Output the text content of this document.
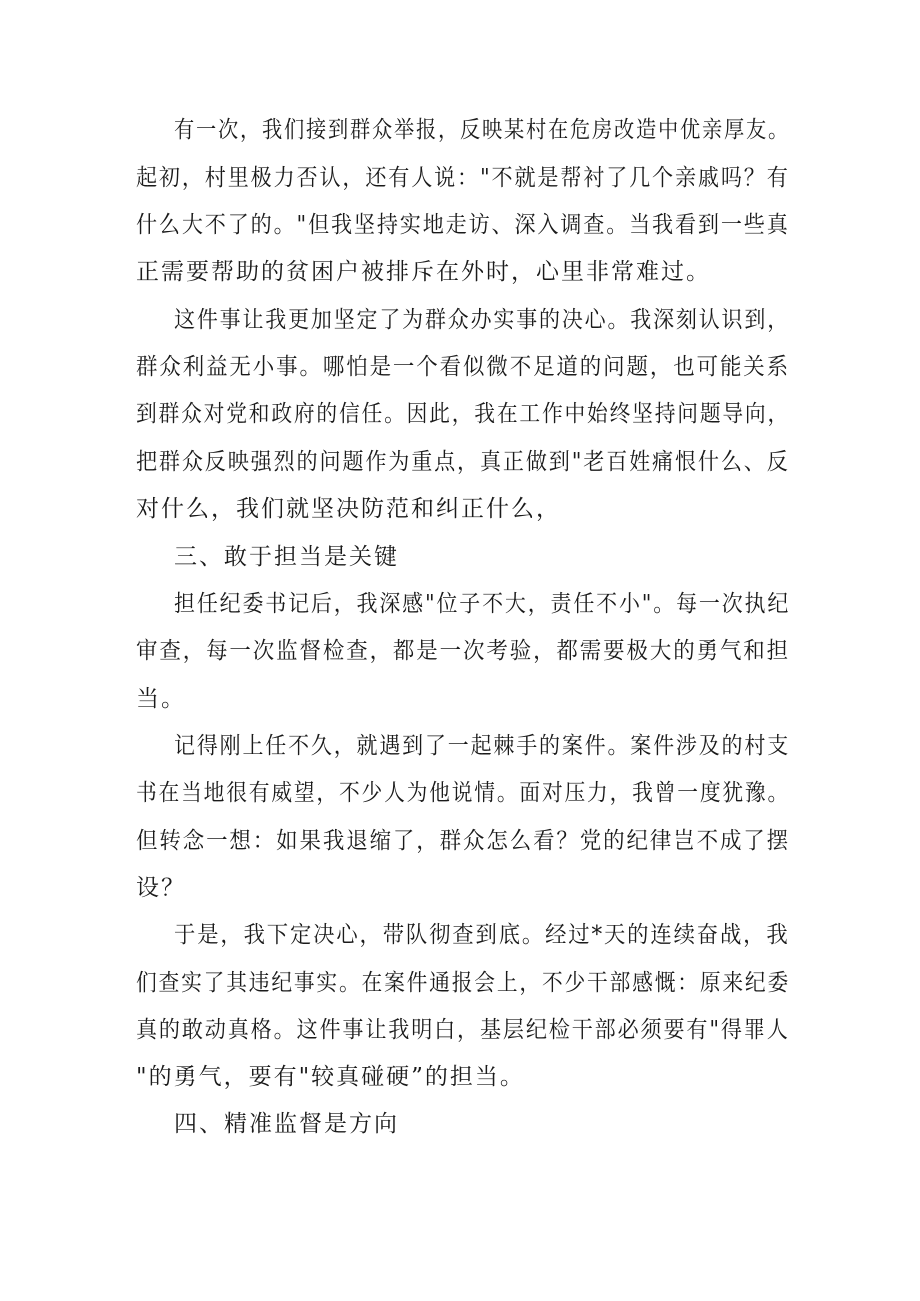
有一次，我们接到群众举报，反映某村在危房改造中优亲厚友。

起初，村里极力否认，还有人说："不就是帮衬了几个亲戚吗？有

什么大不了的。"但我坚持实地走访、深入调查。当我看到一些真

正需要帮助的贫困户被排斥在外时，心里非常难过。

这件事让我更加坚定了为群众办实事的决心。我深刻认识到，

群众利益无小事。哪怕是一个看似微不足道的问题，也可能关系

到群众对党和政府的信任。因此，我在工作中始终坚持问题导向，

把群众反映强烈的问题作为重点，真正做到"老百姓痛恨什么、反

对什么，我们就坚决防范和纠正什么，

三、敢于担当是关键

担任纪委书记后，我深感"位子不大，责任不小"。每一次执纪

审查，每一次监督检查，都是一次考验，都需要极大的勇气和担

当。

记得刚上任不久，就遇到了一起棘手的案件。案件涉及的村支

书在当地很有威望，不少人为他说情。面对压力，我曾一度犹豫。

但转念一想：如果我退缩了，群众怎么看？党的纪律岂不成了摆

设？

于是，我下定决心，带队彻查到底。经过*天的连续奋战，我

们查实了其违纪事实。在案件通报会上，不少干部感慨：原来纪委

真的敢动真格。这件事让我明白，基层纪检干部必须要有"得罪人

"的勇气，要有"较真碰硬”的担当。

四、精准监督是方向
